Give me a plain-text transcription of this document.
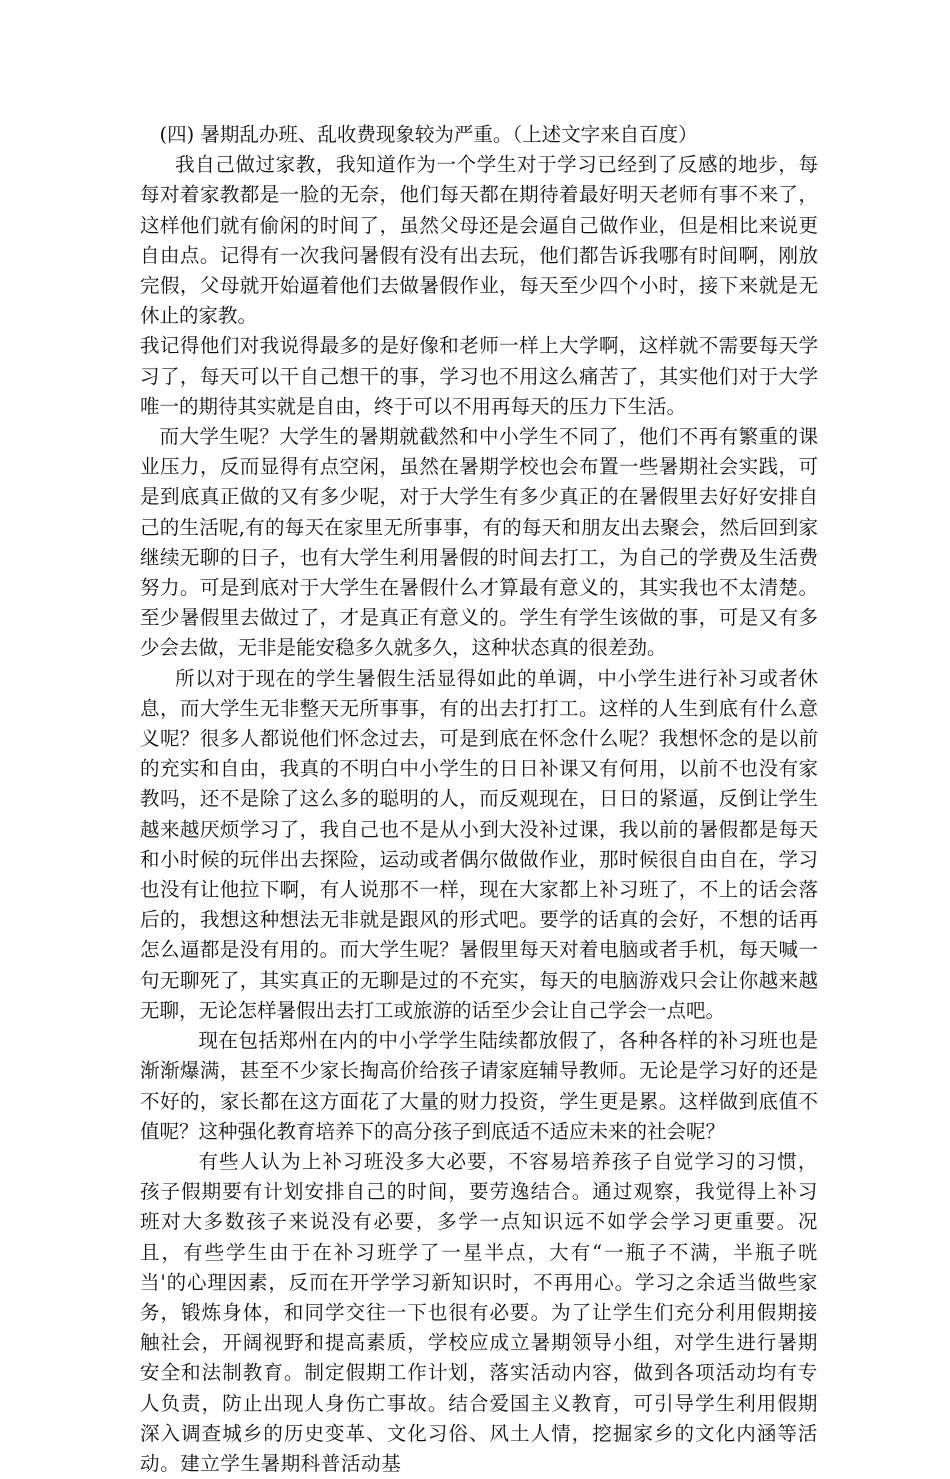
(四) 暑期乱办班、乱收费现象较为严重。（上述文字来自百度）

我自己做过家教，我知道作为一个学生对于学习已经到了反感的地步，每每对着家教都是一脸的无奈，他们每天都在期待着最好明天老师有事不来了，这样他们就有偷闲的时间了，虽然父母还是会逼自己做作业，但是相比来说更自由点。记得有一次我问暑假有没有出去玩，他们都告诉我哪有时间啊，刚放完假，父母就开始逼着他们去做暑假作业，每天至少四个小时，接下来就是无休止的家教。

我记得他们对我说得最多的是好像和老师一样上大学啊，这样就不需要每天学习了，每天可以干自己想干的事，学习也不用这么痛苦了，其实他们对于大学唯一的期待其实就是自由，终于可以不用再每天的压力下生活。

而大学生呢？大学生的暑期就截然和中小学生不同了，他们不再有繁重的课业压力，反而显得有点空闲，虽然在暑期学校也会布置一些暑期社会实践，可是到底真正做的又有多少呢，对于大学生有多少真正的在暑假里去好好安排自己的生活呢,有的每天在家里无所事事，有的每天和朋友出去聚会，然后回到家继续无聊的日子，也有大学生利用暑假的时间去打工，为自己的学费及生活费努力。可是到底对于大学生在暑假什么才算最有意义的，其实我也不太清楚。至少暑假里去做过了，才是真正有意义的。学生有学生该做的事，可是又有多少会去做，无非是能安稳多久就多久，这种状态真的很差劲。

所以对于现在的学生暑假生活显得如此的单调，中小学生进行补习或者休息，而大学生无非整天无所事事，有的出去打打工。这样的人生到底有什么意义呢？很多人都说他们怀念过去，可是到底在怀念什么呢？我想怀念的是以前的充实和自由，我真的不明白中小学生的日日补课又有何用，以前不也没有家教吗，还不是除了这么多的聪明的人，而反观现在，日日的紧逼，反倒让学生越来越厌烦学习了，我自己也不是从小到大没补过课，我以前的暑假都是每天和小时候的玩伴出去探险，运动或者偶尔做做作业，那时候很自由自在，学习也没有让他拉下啊，有人说那不一样，现在大家都上补习班了，不上的话会落后的，我想这种想法无非就是跟风的形式吧。要学的话真的会好，不想的话再怎么逼都是没有用的。而大学生呢？暑假里每天对着电脑或者手机，每天喊一句无聊死了，其实真正的无聊是过的不充实，每天的电脑游戏只会让你越来越无聊，无论怎样暑假出去打工或旅游的话至少会让自己学会一点吧。

现在包括郑州在内的中小学学生陆续都放假了，各种各样的补习班也是渐渐爆满，甚至不少家长掏高价给孩子请家庭辅导教师。无论是学习好的还是不好的，家长都在这方面花了大量的财力投资，学生更是累。这样做到底值不值呢？这种强化教育培养下的高分孩子到底适不适应未来的社会呢？

有些人认为上补习班没多大必要，不容易培养孩子自觉学习的习惯，孩子假期要有计划安排自己的时间，要劳逸结合。通过观察，我觉得上补习班对大多数孩子来说没有必要，多学一点知识远不如学会学习更重要。况且，有些学生由于在补习班学了一星半点，大有“一瓶子不满，半瓶子咣当'的心理因素，反而在开学学习新知识时，不再用心。学习之余适当做些家务，锻炼身体，和同学交往一下也很有必要。为了让学生们充分利用假期接触社会，开阔视野和提高素质，学校应成立暑期领导小组，对学生进行暑期安全和法制教育。制定假期工作计划，落实活动内容，做到各项活动均有专人负责，防止出现人身伤亡事故。结合爱国主义教育，可引导学生利用假期深入调查城乡的历史变革、文化习俗、风土人情，挖掘家乡的文化内涵等活动。建立学生暑期科普活动基
